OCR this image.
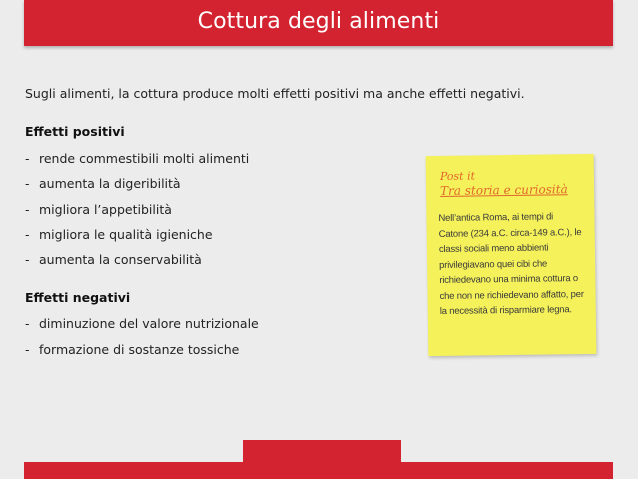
Cottura degli alimenti
Sugli alimenti, la cottura produce molti effetti positivi ma anche effetti negativi.
Effetti positivi
- rende commestibili molti alimenti
- aumenta la digeribilità
- migliora l’appetibilità
- migliora le qualità igieniche
- aumenta la conservabilità
Effetti negativi
- diminuzione del valore nutrizionale
- formazione di sostanze tossiche
Post it
Tra storia e curiosità
Nell’antica Roma, ai tempi di Catone (234 a.C. circa-149 a.C.), le classi sociali meno abbienti privilegiavano quei cibi che richiedevano una minima cottura o che non ne richiedevano affatto, per la necessità di risparmiare legna.
